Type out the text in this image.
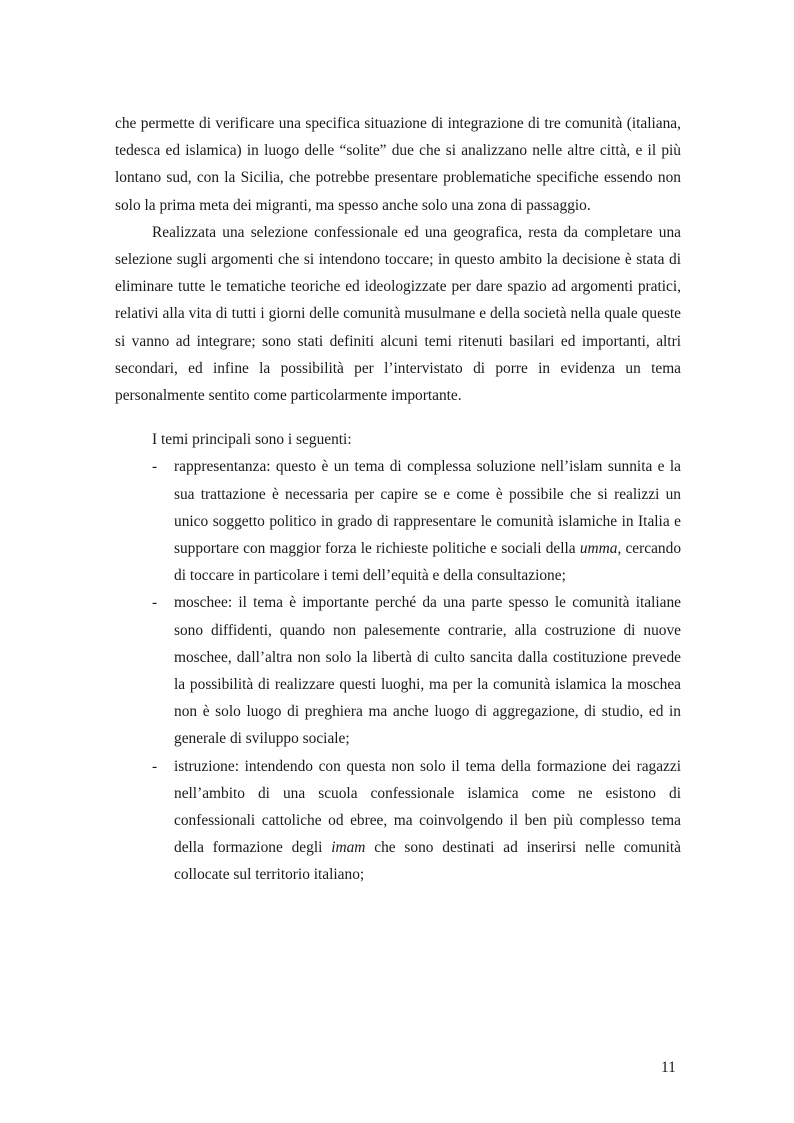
che permette di verificare una specifica situazione di integrazione di tre comunità (italiana, tedesca ed islamica) in luogo delle “solite” due che si analizzano nelle altre città, e il più lontano sud, con la Sicilia, che potrebbe presentare problematiche specifiche essendo non solo la prima meta dei migranti, ma spesso anche solo una zona di passaggio.

Realizzata una selezione confessionale ed una geografica, resta da completare una selezione sugli argomenti che si intendono toccare; in questo ambito la decisione è stata di eliminare tutte le tematiche teoriche ed ideologizzate per dare spazio ad argomenti pratici, relativi alla vita di tutti i giorni delle comunità musulmane e della società nella quale queste si vanno ad integrare; sono stati definiti alcuni temi ritenuti basilari ed importanti, altri secondari, ed infine la possibilità per l’intervistato di porre in evidenza un tema personalmente sentito come particolarmente importante.

I temi principali sono i seguenti:

- rappresentanza: questo è un tema di complessa soluzione nell’islam sunnita e la sua trattazione è necessaria per capire se e come è possibile che si realizzi un unico soggetto politico in grado di rappresentare le comunità islamiche in Italia e supportare con maggior forza le richieste politiche e sociali della umma, cercando di toccare in particolare i temi dell’equità e della consultazione;

- moschee: il tema è importante perché da una parte spesso le comunità italiane sono diffidenti, quando non palesemente contrarie, alla costruzione di nuove moschee, dall’altra non solo la libertà di culto sancita dalla costituzione prevede la possibilità di realizzare questi luoghi, ma per la comunità islamica la moschea non è solo luogo di preghiera ma anche luogo di aggregazione, di studio, ed in generale di sviluppo sociale;

- istruzione: intendendo con questa non solo il tema della formazione dei ragazzi nell’ambito di una scuola confessionale islamica come ne esistono di confessionali cattoliche od ebree, ma coinvolgendo il ben più complesso tema della formazione degli imam che sono destinati ad inserirsi nelle comunità collocate sul territorio italiano;

11
